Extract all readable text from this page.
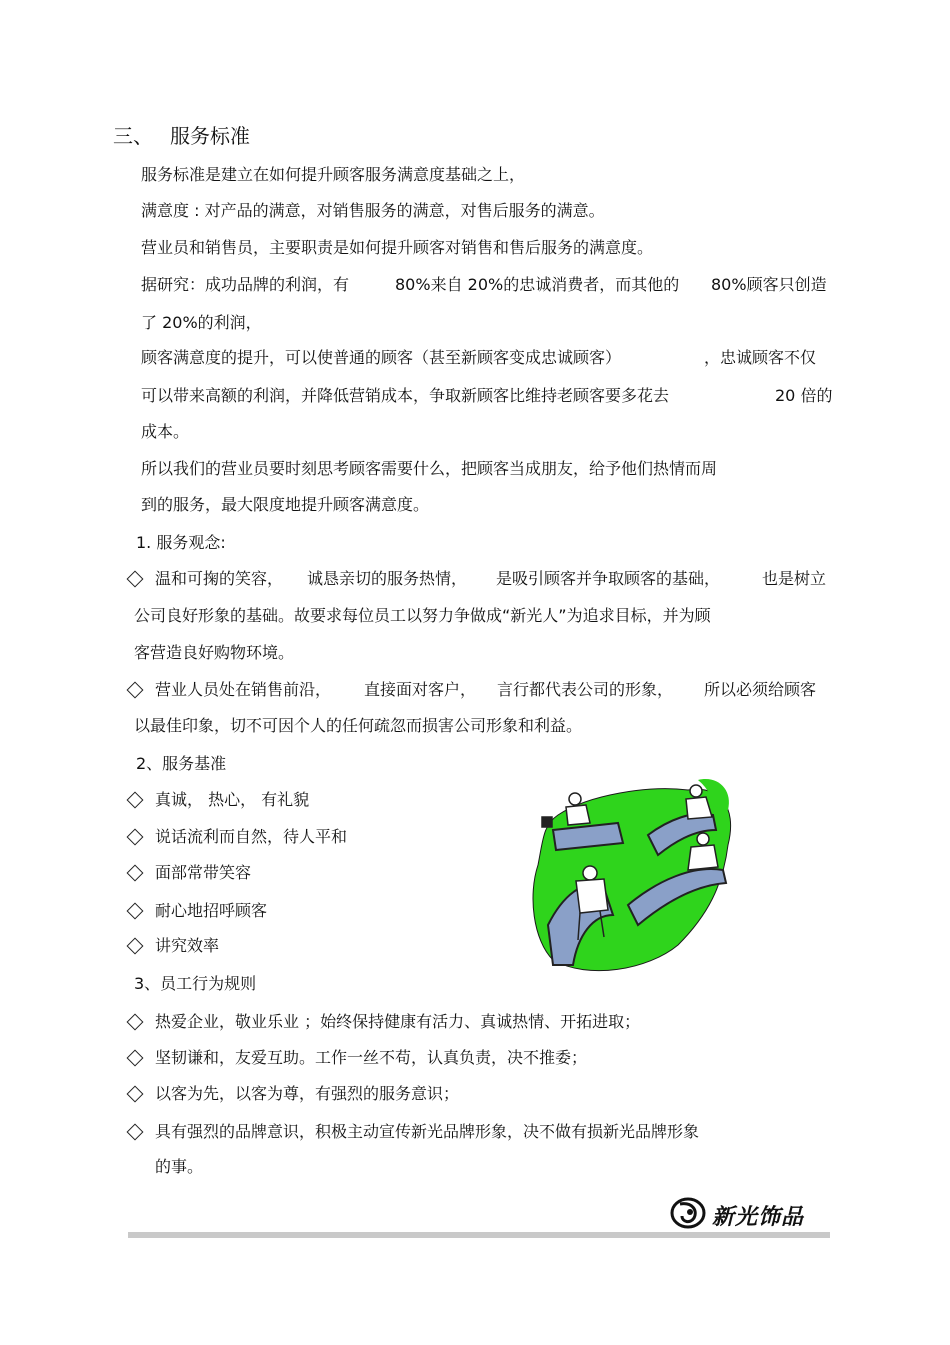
三、 服务标准
服务标准是建立在如何提升顾客服务满意度基础之上，
满意度 : 对产品的满意，对销售服务的满意，对售后服务的满意。
营业员和销售员，主要职责是如何提升顾客对销售和售后服务的满意度。
据研究：成功品牌的利润，有	80%来自 20%的忠诚消费者，而其他的 80%顾客只创造
了 20%的利润，
顾客满意度的提升，可以使普通的顾客（甚至新顾客变成忠诚顾客）	，忠诚顾客不仅
可以带来高额的利润，并降低营销成本，争取新顾客比维持老顾客要多花去	20 倍的
成本。
所以我们的营业员要时刻思考顾客需要什么，把顾客当成朋友，给予他们热情而周
到的服务，最大限度地提升顾客满意度。
1. 服务观念:
温和可掬的笑容， 诚恳亲切的服务热情， 是吸引顾客并争取顾客的基础，	也是树立
公司良好形象的基础。故要求每位员工以努力争做成“新光人”为追求目标，并为顾
客营造良好购物环境。
营业人员处在销售前沿， 直接面对客户， 言行都代表公司的形象， 所以必须给顾客
以最佳印象，切不可因个人的任何疏忽而损害公司形象和利益。
2、服务基准
真诚， 热心， 有礼貌
说话流利而自然，待人平和
面部常带笑容
耐心地招呼顾客
讲究效率
3、员工行为规则
热爱企业，敬业乐业 ；始终保持健康有活力、真诚热情、开拓进取；
坚韧谦和，友爱互助。工作一丝不苟，认真负责，决不推委；
以客为先，以客为尊，有强烈的服务意识；
具有强烈的品牌意识，积极主动宣传新光品牌形象，决不做有损新光品牌形象
的事。
新光饰品
